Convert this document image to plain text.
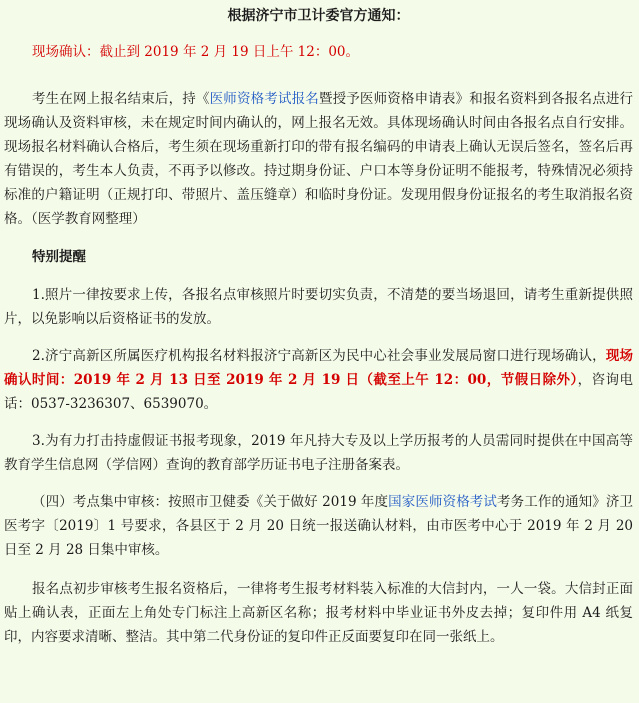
根据济宁市卫计委官方通知：
现场确认：截止到 2019 年 2 月 19 日上午 12：00。

考生在网上报名结束后，持《医师资格考试报名暨授予医师资格申请表》和报名资料到各报名点进行现场确认及资料审核，未在规定时间内确认的，网上报名无效。具体现场确认时间由各报名点自行安排。现场报名材料确认合格后，考生须在现场重新打印的带有报名编码的申请表上确认无误后签名，签名后再有错误的，考生本人负责，不再予以修改。持过期身份证、户口本等身份证明不能报考，特殊情况必须持标准的户籍证明（正规打印、带照片、盖压缝章）和临时身份证。发现用假身份证报名的考生取消报名资格。（医学教育网整理）

特别提醒

1.照片一律按要求上传，各报名点审核照片时要切实负责，不清楚的要当场退回，请考生重新提供照片，以免影响以后资格证书的发放。

2.济宁高新区所属医疗机构报名材料报济宁高新区为民中心社会事业发展局窗口进行现场确认，现场确认时间：2019 年 2 月 13 日至 2019 年 2 月 19 日（截至上午 12：00，节假日除外），咨询电话：0537-3236307、6539070。

3.为有力打击持虚假证书报考现象，2019 年凡持大专及以上学历报考的人员需同时提供在中国高等教育学生信息网（学信网）查询的教育部学历证书电子注册备案表。

（四）考点集中审核：按照市卫健委《关于做好 2019 年度国家医师资格考试考务工作的通知》济卫医考字〔2019〕1 号要求，各县区于 2 月 20 日统一报送确认材料，由市医考中心于 2019 年 2 月 20 日至 2 月 28 日集中审核。

报名点初步审核考生报名资格后，一律将考生报考材料装入标准的大信封内，一人一袋。大信封正面贴上确认表，正面左上角处专门标注上高新区名称；报考材料中毕业证书外皮去掉；复印件用 A4 纸复印，内容要求清晰、整洁。其中第二代身份证的复印件正反面要复印在同一张纸上。
